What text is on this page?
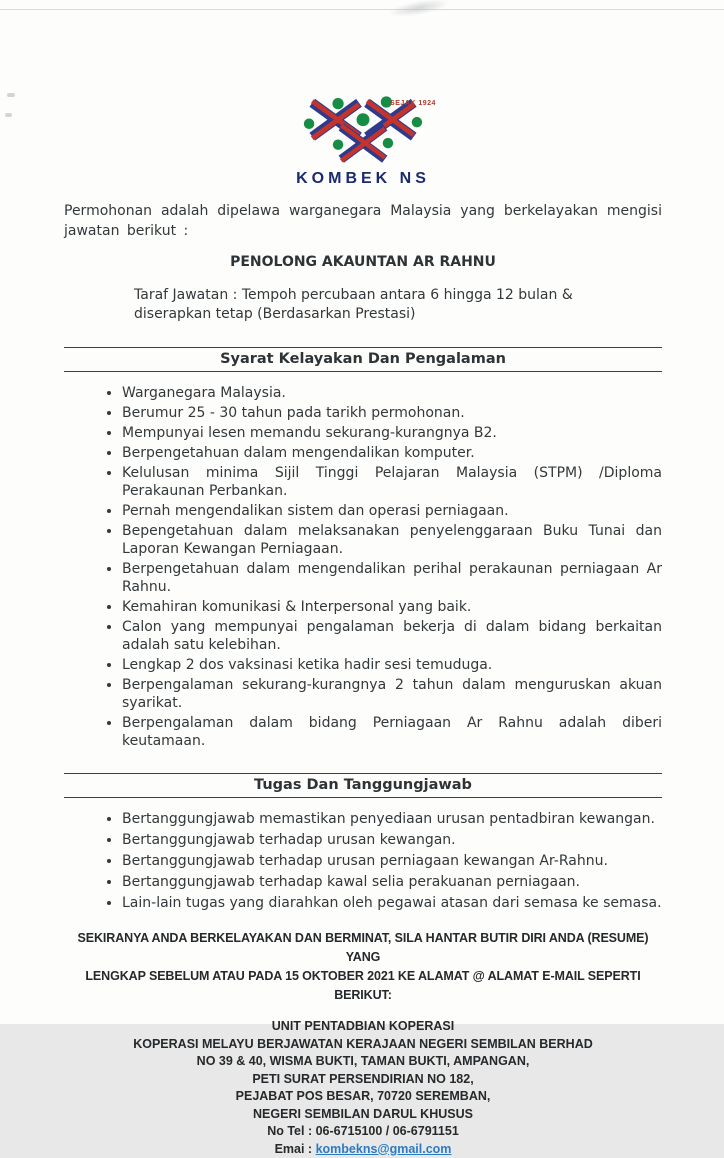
SEJAK 1924
KOMBEK NS

Permohonan adalah dipelawa warganegara Malaysia yang berkelayakan mengisi jawatan berikut :

PENOLONG AKAUNTAN AR RAHNU
Taraf Jawatan : Tempoh percubaan antara 6 hingga 12 bulan &
diserapkan tetap (Berdasarkan Prestasi)
Syarat Kelayakan Dan Pengalaman
• Warganegara Malaysia.
• Berumur 25 - 30 tahun pada tarikh permohonan.
• Mempunyai lesen memandu sekurang-kurangnya B2.
• Berpengetahuan dalam mengendalikan komputer.
• Kelulusan minima Sijil Tinggi Pelajaran Malaysia (STPM) /Diploma Perakaunan Perbankan.
• Pernah mengendalikan sistem dan operasi perniagaan.
• Bepengetahuan dalam melaksanakan penyelenggaraan Buku Tunai dan Laporan Kewangan Perniagaan.
• Berpengetahuan dalam mengendalikan perihal perakaunan perniagaan Ar Rahnu.
• Kemahiran komunikasi & Interpersonal yang baik.
• Calon yang mempunyai pengalaman bekerja di dalam bidang berkaitan adalah satu kelebihan.
• Lengkap 2 dos vaksinasi ketika hadir sesi temuduga.
• Berpengalaman sekurang-kurangnya 2 tahun dalam menguruskan akuan syarikat.
• Berpengalaman dalam bidang Perniagaan Ar Rahnu adalah diberi keutamaan.
Tugas Dan Tanggungjawab
• Bertanggungjawab memastikan penyediaan urusan pentadbiran kewangan.
• Bertanggungjawab terhadap urusan kewangan.
• Bertanggungjawab terhadap urusan perniagaan kewangan Ar-Rahnu.
• Bertanggungjawab terhadap kawal selia perakuanan perniagaan.
• Lain-lain tugas yang diarahkan oleh pegawai atasan dari semasa ke semasa.
SEKIRANYA ANDA BERKELAYAKAN DAN BERMINAT, SILA HANTAR BUTIR DIRI ANDA (RESUME) YANG
LENGKAP SEBELUM ATAU PADA 15 OKTOBER 2021 KE ALAMAT @ ALAMAT E-MAIL SEPERTI BERIKUT:
UNIT PENTADBIAN KOPERASI
KOPERASI MELAYU BERJAWATAN KERAJAAN NEGERI SEMBILAN BERHAD
NO 39 & 40, WISMA BUKTI, TAMAN BUKTI, AMPANGAN,
PETI SURAT PERSENDIRIAN NO 182,
PEJABAT POS BESAR, 70720 SEREMBAN,
NEGERI SEMBILAN DARUL KHUSUS
No Tel : 06-6715100 / 06-6791151
Emai : kombekns@gmail.com
